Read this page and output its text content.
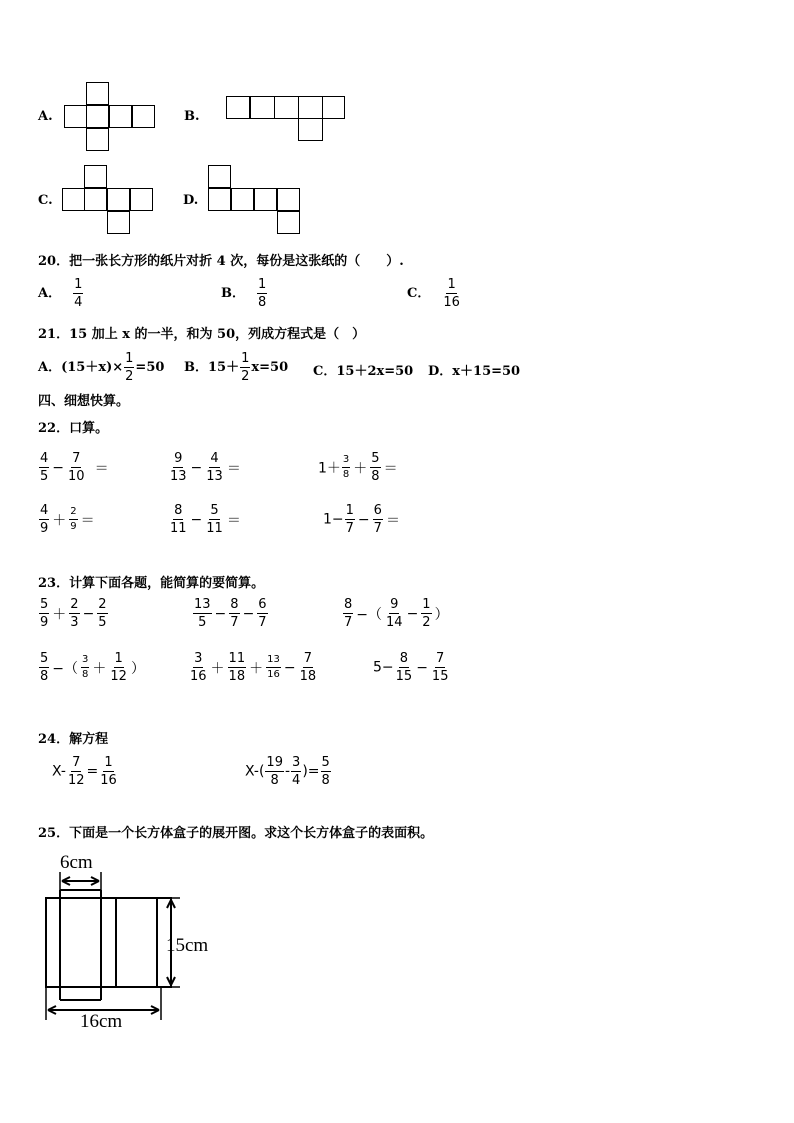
A.	B.
C.	D.
20．把一张长方形的纸片对折 4 次，每份是这张纸的（　　）.
A． $\frac{1}{4}$	B． $\frac{1}{8}$	C． $\frac{1}{16}$
21．15 加上 x 的一半，和为 50，列成方程式是（　）
A．$(15+x)\times \frac{1}{2} =50$ B．$15+ \frac{1}{2} x=50$ C．15＋2x=50 D．x＋15=50
四、细想快算。
22．口算。
$\frac{4}{5} - \frac{7}{10}$ ＝	$\frac{9}{13} - \frac{4}{13}$ ＝	$1+ \frac{3}{8} + \frac{5}{8}$ ＝
$\frac{4}{9} + \frac{2}{9}$ ＝	$\frac{8}{11} - \frac{5}{11}$ ＝	$1- \frac{1}{7} - \frac{6}{7}$ ＝
23．计算下面各题，能简算的要简算。
$\frac{5}{9} + \frac{2}{3} - \frac{2}{5}$	$\frac{13}{5} - \frac{8}{7} - \frac{6}{7}$	$\frac{8}{7}$ −（ $\frac{9}{14} - \frac{1}{2}$ ）
$\frac{5}{8}$ −（ $\frac{3}{8} + \frac{1}{12}$ ）	$\frac{3}{16} + \frac{11}{18} + \frac{13}{16} - \frac{7}{18}$	$5- \frac{8}{15} - \frac{7}{15}$
24．解方程
$X- \frac{7}{12} = \frac{1}{16}$	$X-( \frac{19}{8} - \frac{3}{4}$ )= $\frac{5}{8}$
25．下面是一个长方体盒子的展开图。求这个长方体盒子的表面积。
6cm
15cm
16cm
